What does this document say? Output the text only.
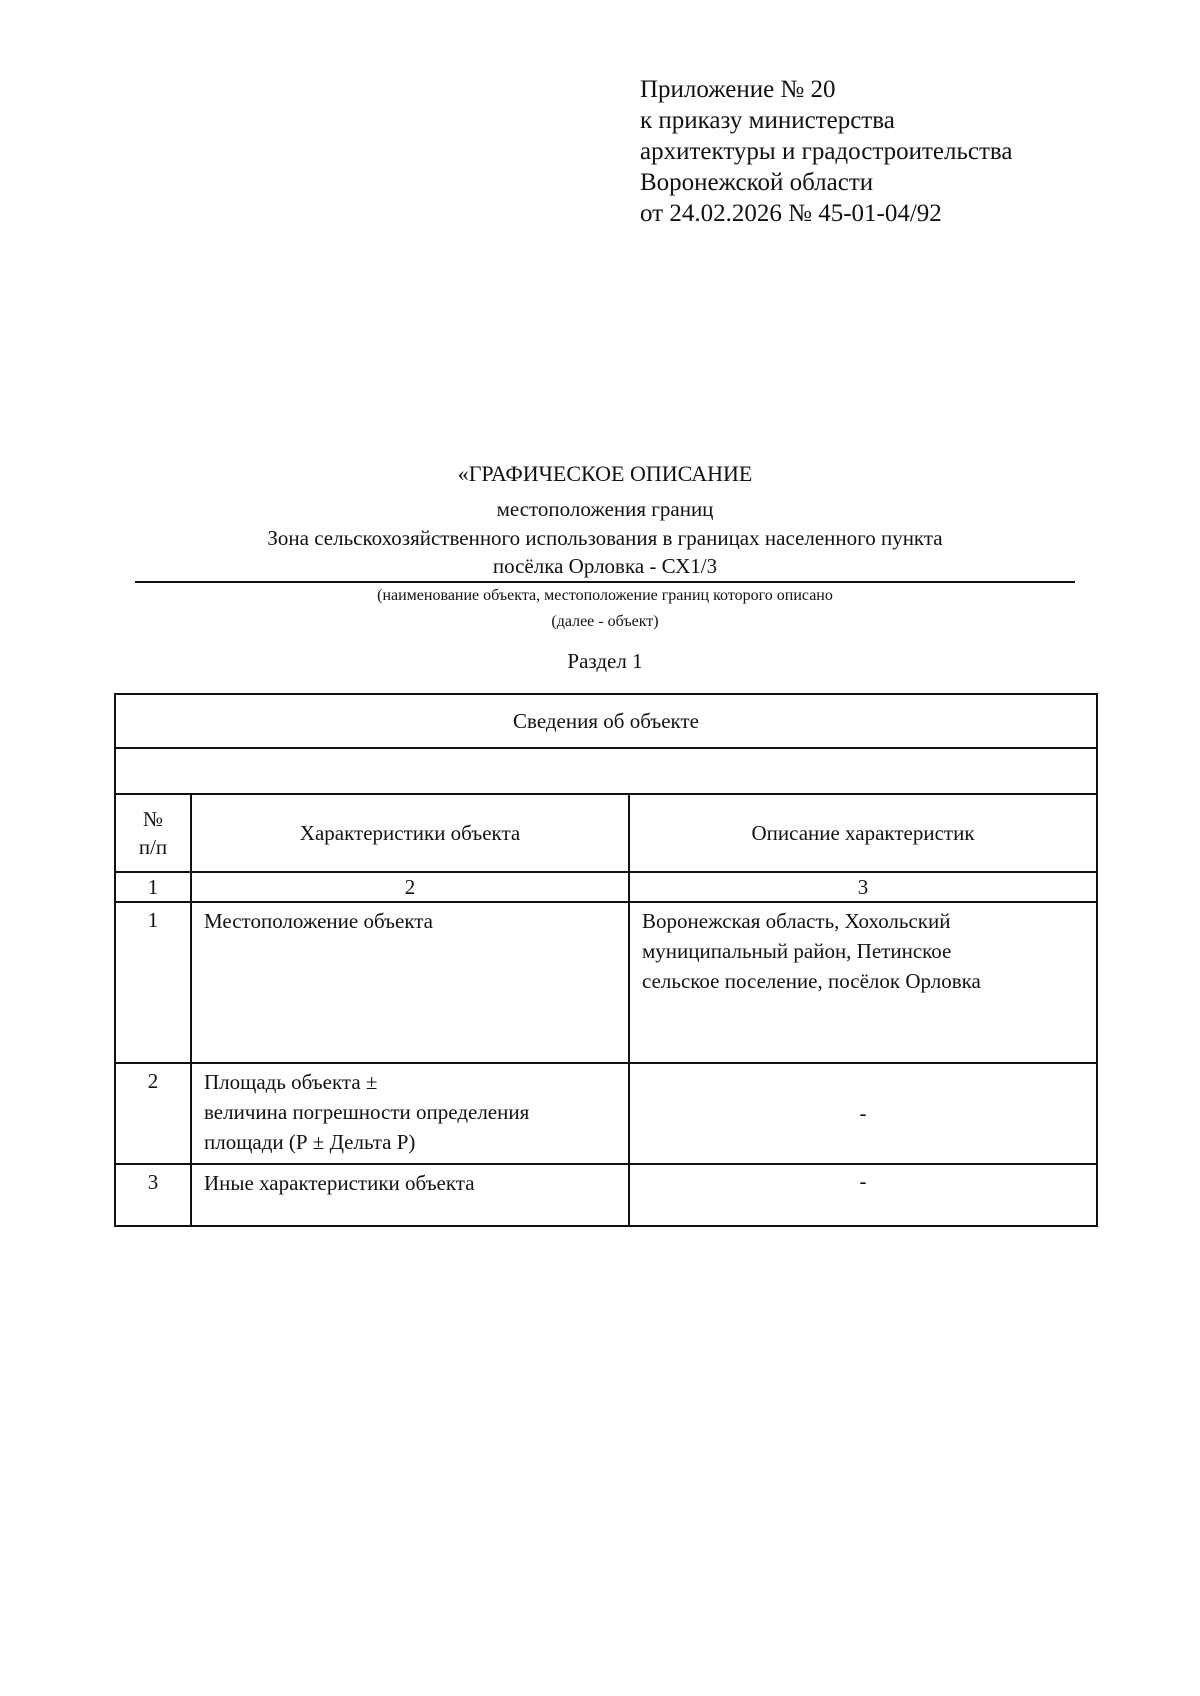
Приложение № 20
к приказу министерства
архитектуры и градостроительства
Воронежской области
от 24.02.2026 № 45-01-04/92
«ГРАФИЧЕСКОЕ ОПИСАНИЕ
местоположения границ
Зона сельскохозяйственного использования в границах населенного пункта
посёлка Орловка - СХ1/3
(наименование объекта, местоположение границ которого описано
(далее - объект)
Раздел 1
Сведения об объекте		

№
п/п	Характеристики объекта	Описание характеристик
1	2	3
1	Местоположение объекта	Воронежская область, Хохольский
муниципальный район, Петинское
сельское поселение, посёлок Орловка

2	Площадь объекта ±
величина погрешности определения
площади (Р ± Дельта Р)	-
3	Иные характеристики объекта	-
